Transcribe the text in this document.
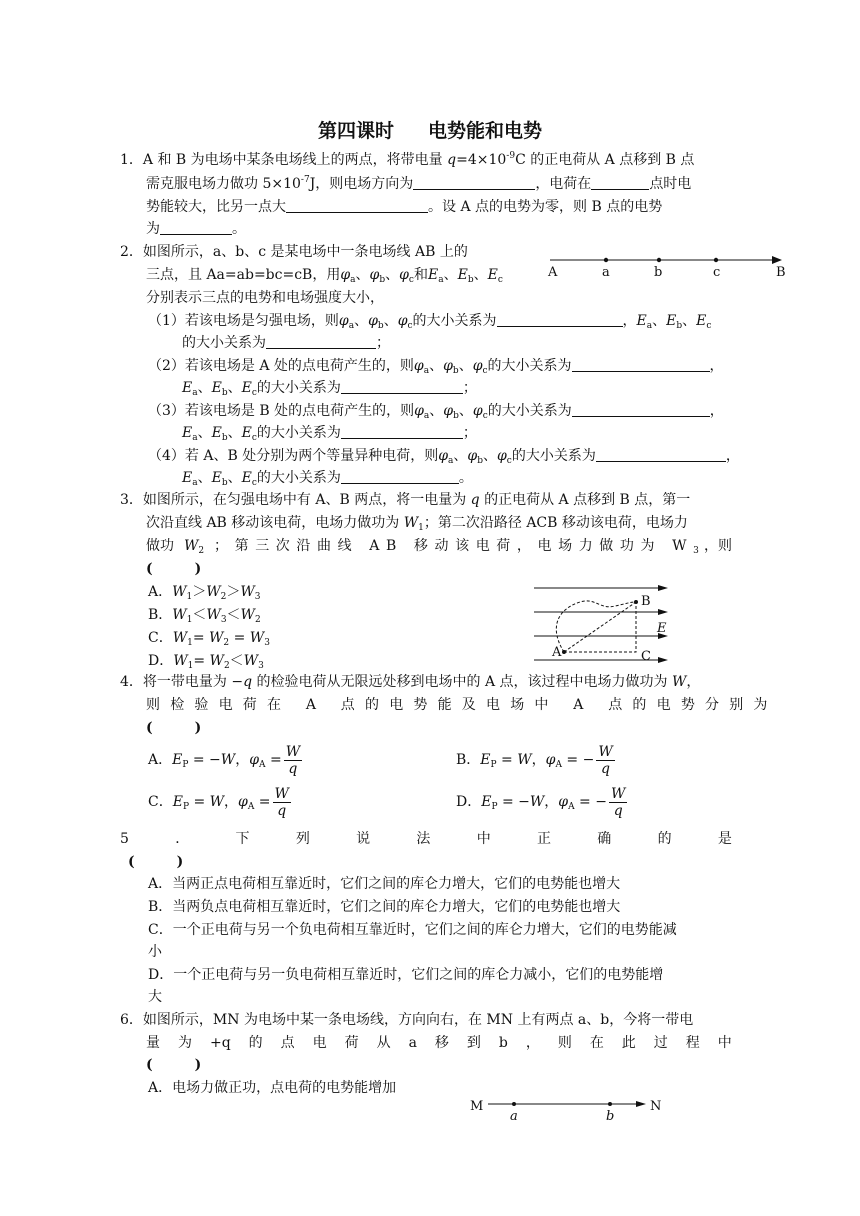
第四课时 电势能和电势
1．A 和 B 为电场中某条电场线上的两点，将带电量 $q=4\times 10^{-9}C$ 的正电荷从 A 点移到 B 点
需克服电场力做功 $5\times 10^{-7}J$，则电场方向为	，电荷在	点时电
势能较大，比另一点大	。设 A 点的电势为零，则 B 点的电势
为	。
2．如图所示，a、b、c 是某电场中一条电场线 AB 上的
三点，且 Aa=ab=bc=cB，用$\varphi_a$、$\varphi_b$、$\varphi_c$和$E_a$、$E_b$、$E_c$
分别表示三点的电势和电场强度大小，
（1）若该电场是匀强电场，则$\varphi_a$、$\varphi_b$、$\varphi_c$的大小关系为	，$E_a$、$E_b$、$E_c$
的大小关系为	；
（2）若该电场是 A 处的点电荷产生的，则$\varphi_a$、$\varphi_b$、$\varphi_c$的大小关系为	，
$E_a$、$E_b$、$E_c$的大小关系为	；
（3）若该电场是 B 处的点电荷产生的，则$\varphi_a$、$\varphi_b$、$\varphi_c$的大小关系为	，
$E_a$、$E_b$、$E_c$的大小关系为	；
（4）若 A、B 处分别为两个等量异种电荷，则$\varphi_a$、$\varphi_b$、$\varphi_c$的大小关系为	，
$E_a$、$E_b$、$E_c$的大小关系为	。
A	a	b	c	B
3．如图所示，在匀强电场中有 A、B 两点，将一电量为 q 的正电荷从 A 点移到 B 点，第一
次沿直线 AB 移动该电荷，电场力做功为 $W_1$；第二次沿路径 ACB 移动该电荷，电场力
做功 $W_2$ ；第三次沿曲线 AB 移动该电荷，电场力做功为 $W_3$ ，则
(　　　)
A．$W_1>W_2>W_3$
B．$W_1<W_3<W_2$
C．$W_1= W_2 = W_3$
D．$W_1= W_2<W_3$
B
E
A	C
4．将一带电量为 −q 的检验电荷从无限远处移到电场中的 A 点，该过程中电场力做功为 W，
则检验电荷在 A 点的电势能及电场中 A 点的电势分别为
(　　　)
A．$E_P = -W$，$\varphi_A = \frac{W}{q}$	B．$E_P = W$，$\varphi_A$ = − $\frac{W}{q}$
C．$E_P = W$，$\varphi_A = \frac{W}{q}$	D．$E_P = -W$，$\varphi_A$ = − $\frac{W}{q}$
5	．	下	列	说	法	中	正	确	的	是
(　　　)
A．当两正点电荷相互靠近时，它们之间的库仑力增大，它们的电势能也增大
B．当两负点电荷相互靠近时，它们之间的库仑力增大，它们的电势能也增大
C．一个正电荷与另一个负电荷相互靠近时，它们之间的库仑力增大，它们的电势能减
小
D．一个正电荷与另一负电荷相互靠近时，它们之间的库仑力减小，它们的电势能增
大
6．如图所示，MN 为电场中某一条电场线，方向向右，在 MN 上有两点 a、b，今将一带电
量 为 +q 的 点 电 荷 从 a 移 到 b ， 则 在 此 过 程 中
(　　　)
A．电场力做正功，点电荷的电势能增加
M
a	b
N
